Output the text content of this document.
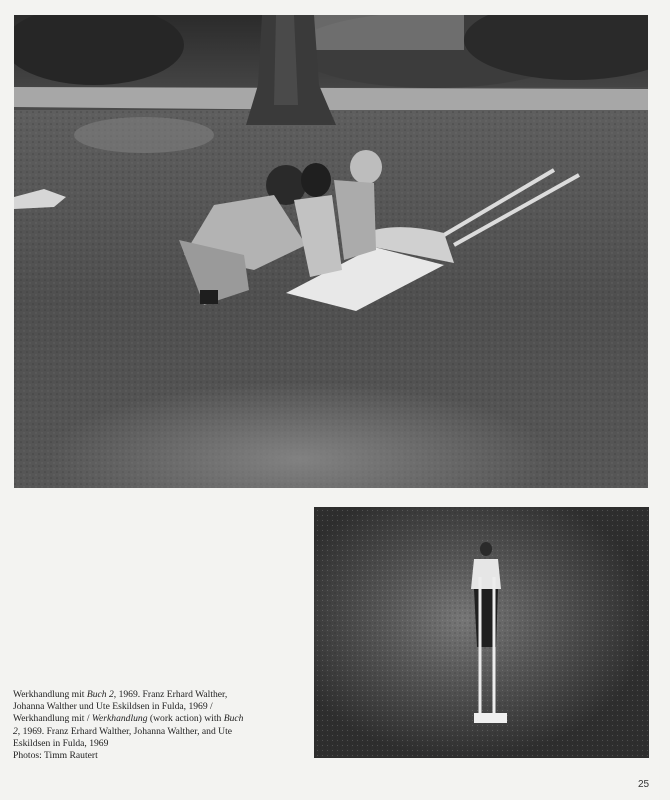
Werkhandlung mit Buch 2, 1969. Franz Erhard Walther, Johanna Walther und Ute Eskildsen in Fulda, 1969 / Werkhandlung mit / Werkhandlung (work action) with Buch 2, 1969. Franz Erhard Walther, Johanna Walther, and Ute Eskildsen in Fulda, 1969

Photos: Timm Rautert

25
